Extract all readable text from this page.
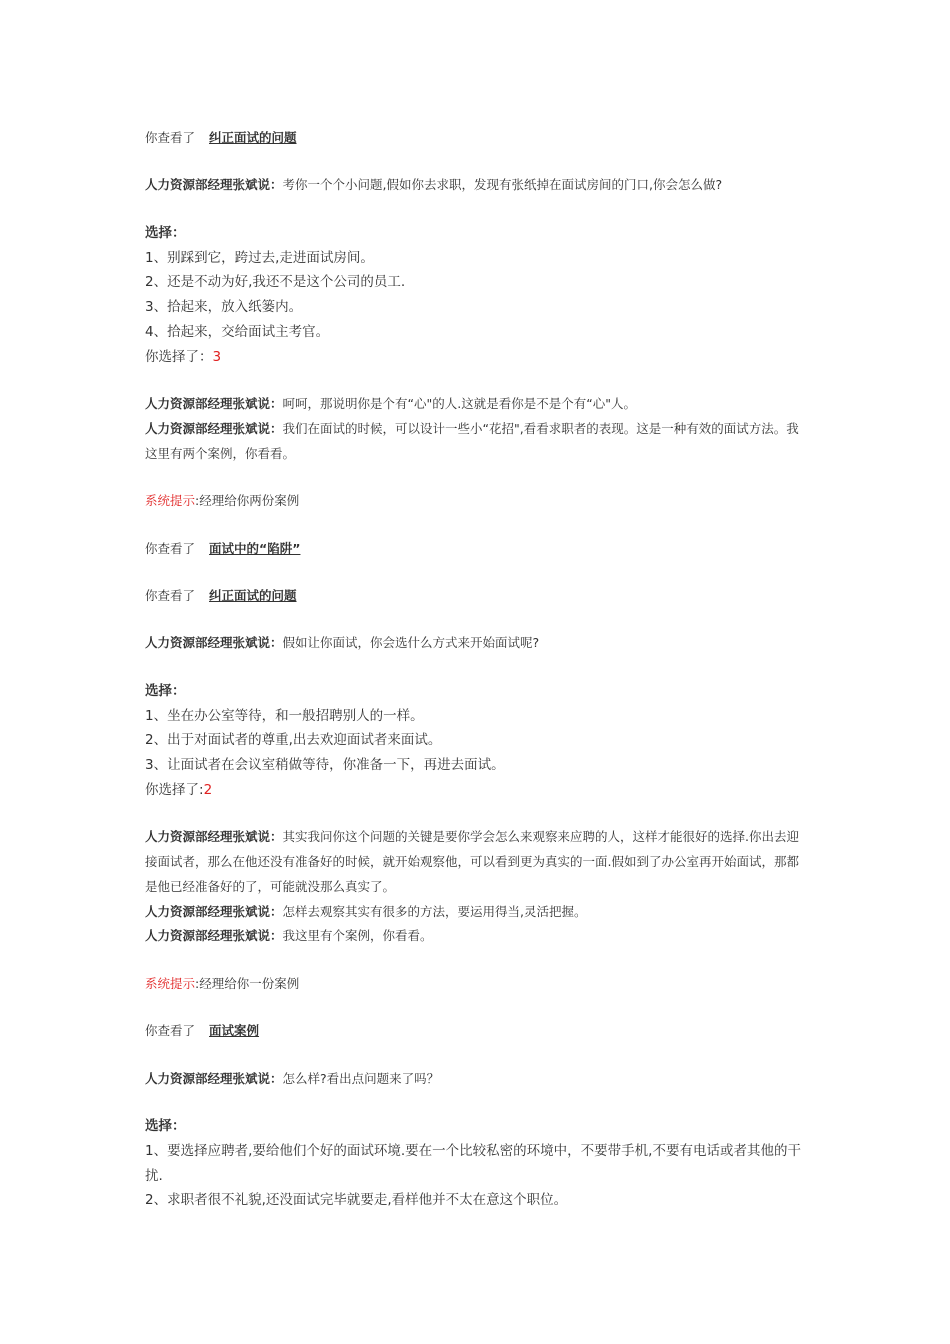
你查看了 纠正面试的问题
人力资源部经理张斌说：考你一个个小问题,假如你去求职，发现有张纸掉在面试房间的门口,你会怎么做?
选择：
1、别踩到它，跨过去,走进面试房间。
2、还是不动为好,我还不是这个公司的员工.
3、拾起来，放入纸篓内。
4、拾起来，交给面试主考官。
你选择了：3
人力资源部经理张斌说：呵呵，那说明你是个有“心"的人.这就是看你是不是个有“心"人。
人力资源部经理张斌说：我们在面试的时候，可以设计一些小“花招",看看求职者的表现。这是一种有效的面试方法。我这里有两个案例，你看看。
系统提示:经理给你两份案例
你查看了 面试中的“陷阱”
你查看了 纠正面试的问题
人力资源部经理张斌说：假如让你面试，你会选什么方式来开始面试呢?
选择：
1、坐在办公室等待，和一般招聘别人的一样。
2、出于对面试者的尊重,出去欢迎面试者来面试。
3、让面试者在会议室稍做等待，你准备一下，再进去面试。
你选择了:2
人力资源部经理张斌说：其实我问你这个问题的关键是要你学会怎么来观察来应聘的人，这样才能很好的选择.你出去迎接面试者，那么在他还没有准备好的时候，就开始观察他，可以看到更为真实的一面.假如到了办公室再开始面试，那都是他已经准备好的了，可能就没那么真实了。
人力资源部经理张斌说：怎样去观察其实有很多的方法，要运用得当,灵活把握。
人力资源部经理张斌说：我这里有个案例，你看看。
系统提示:经理给你一份案例
你查看了 面试案例
人力资源部经理张斌说：怎么样?看出点问题来了吗？
选择：
1、要选择应聘者,要给他们个好的面试环境.要在一个比较私密的环境中，不要带手机,不要有电话或者其他的干扰.
2、求职者很不礼貌,还没面试完毕就要走,看样他并不太在意这个职位。
